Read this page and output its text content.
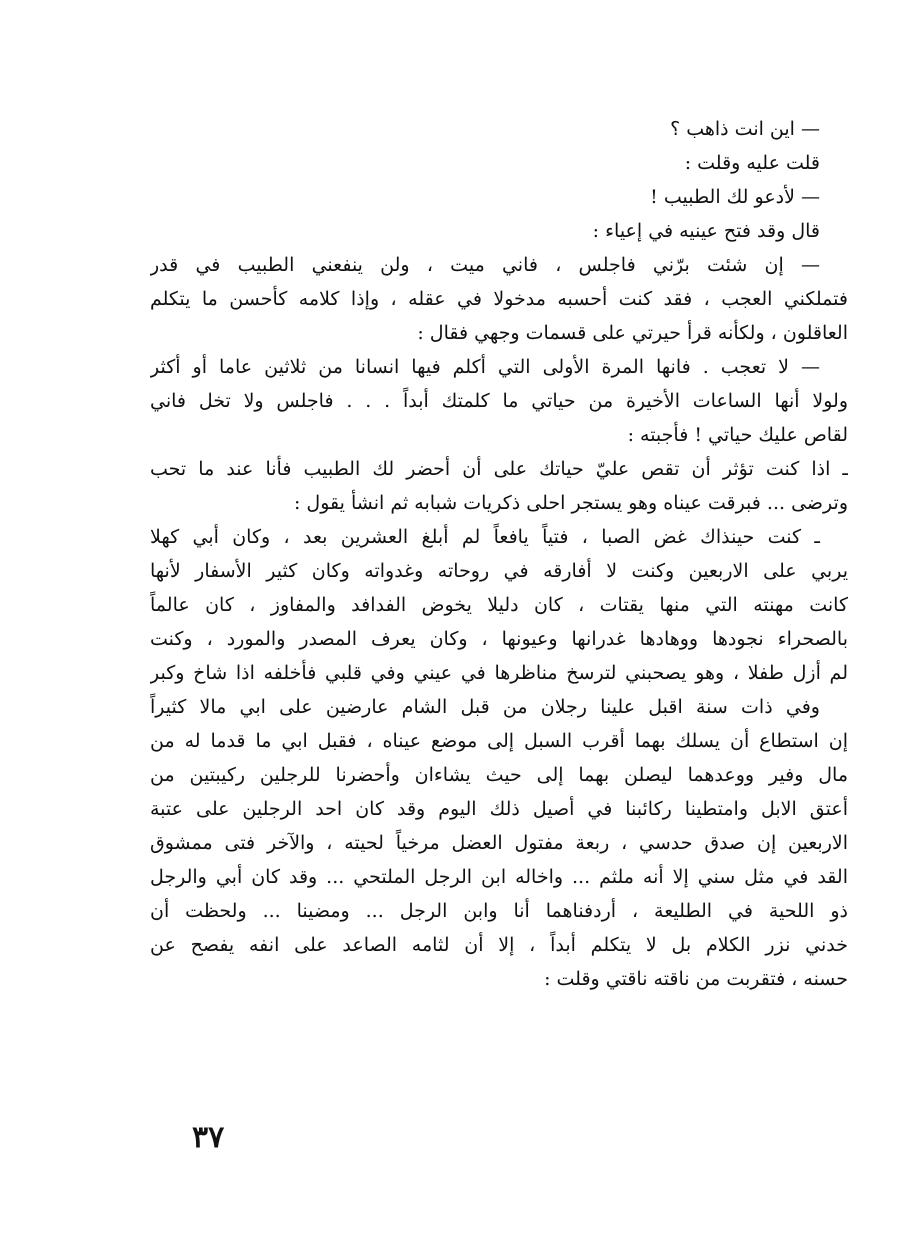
— اين انت ذاهب ؟
قلت عليه وقلت :
— لأدعو لك الطبيب !
قال وقد فتح عينيه في إعياء :
— إن شئت برّني فاجلس ، فاني ميت ، ولن ينفعني الطبيب في قدر
فتملكني العجب ، فقد كنت أحسبه مدخولا في عقله ، وإذا كلامه كأحسن ما يتكلم
العاقلون ، ولكأنه قرأ حيرتي على قسمات وجهي فقال :
— لا تعجب . فانها المرة الأولى التي أكلم فيها انسانا من ثلاثين عاما أو أكثر
ولولا أنها الساعات الأخيرة من حياتي ما كلمتك أبداً . . . فاجلس ولا تخل فاني
لقاص عليك حياتي ! فأجبته :
ـ اذا كنت تؤثر أن تقص عليّ حياتك على أن أحضر لك الطبيب فأنا عند ما تحب
وترضى ... فبرقت عيناه وهو يستجر احلى ذكريات شبابه ثم انشأ يقول :
ـ كنت حينذاك غض الصبا ، فتياً يافعاً لم أبلغ العشرين بعد ، وكان أبي كهلا
يربي على الاربعين وكنت لا أفارقه في روحاته وغدواته وكان كثير الأسفار لأنها
كانت مهنته التي منها يقتات ، كان دليلا يخوض الفدافد والمفاوز ، كان عالماً
بالصحراء نجودها ووهادها غدرانها وعيونها ، وكان يعرف المصدر والمورد ، وكنت
لم أزل طفلا ، وهو يصحبني لترسخ مناظرها في عيني وفي قلبي فأخلفه اذا شاخ وكبر
وفي ذات سنة اقبل علينا رجلان من قبل الشام عارضين على ابي مالا كثيراً
إن استطاع أن يسلك بهما أقرب السبل إلى موضع عيناه ، فقبل ابي ما قدما له من
مال وفير ووعدهما ليصلن بهما إلى حيث يشاءان وأحضرنا للرجلين ركيبتين من
أعتق الابل وامتطينا ركائبنا في أصيل ذلك اليوم وقد كان احد الرجلين على عتبة
الاربعين إن صدق حدسي ، ربعة مفتول العضل مرخياً لحيته ، والآخر فتى ممشوق
القد في مثل سني إلا أنه ملثم ... واخاله ابن الرجل الملتحي ... وقد كان أبي والرجل
ذو اللحية في الطليعة ، أردفناهما أنا وابن الرجل ... ومضينا ... ولحظت أن
خدني نزر الكلام بل لا يتكلم أبداً ، إلا أن لثامه الصاعد على انفه يفصح عن
حسنه ، فتقربت من ناقته ناقتي وقلت :
٣٧
